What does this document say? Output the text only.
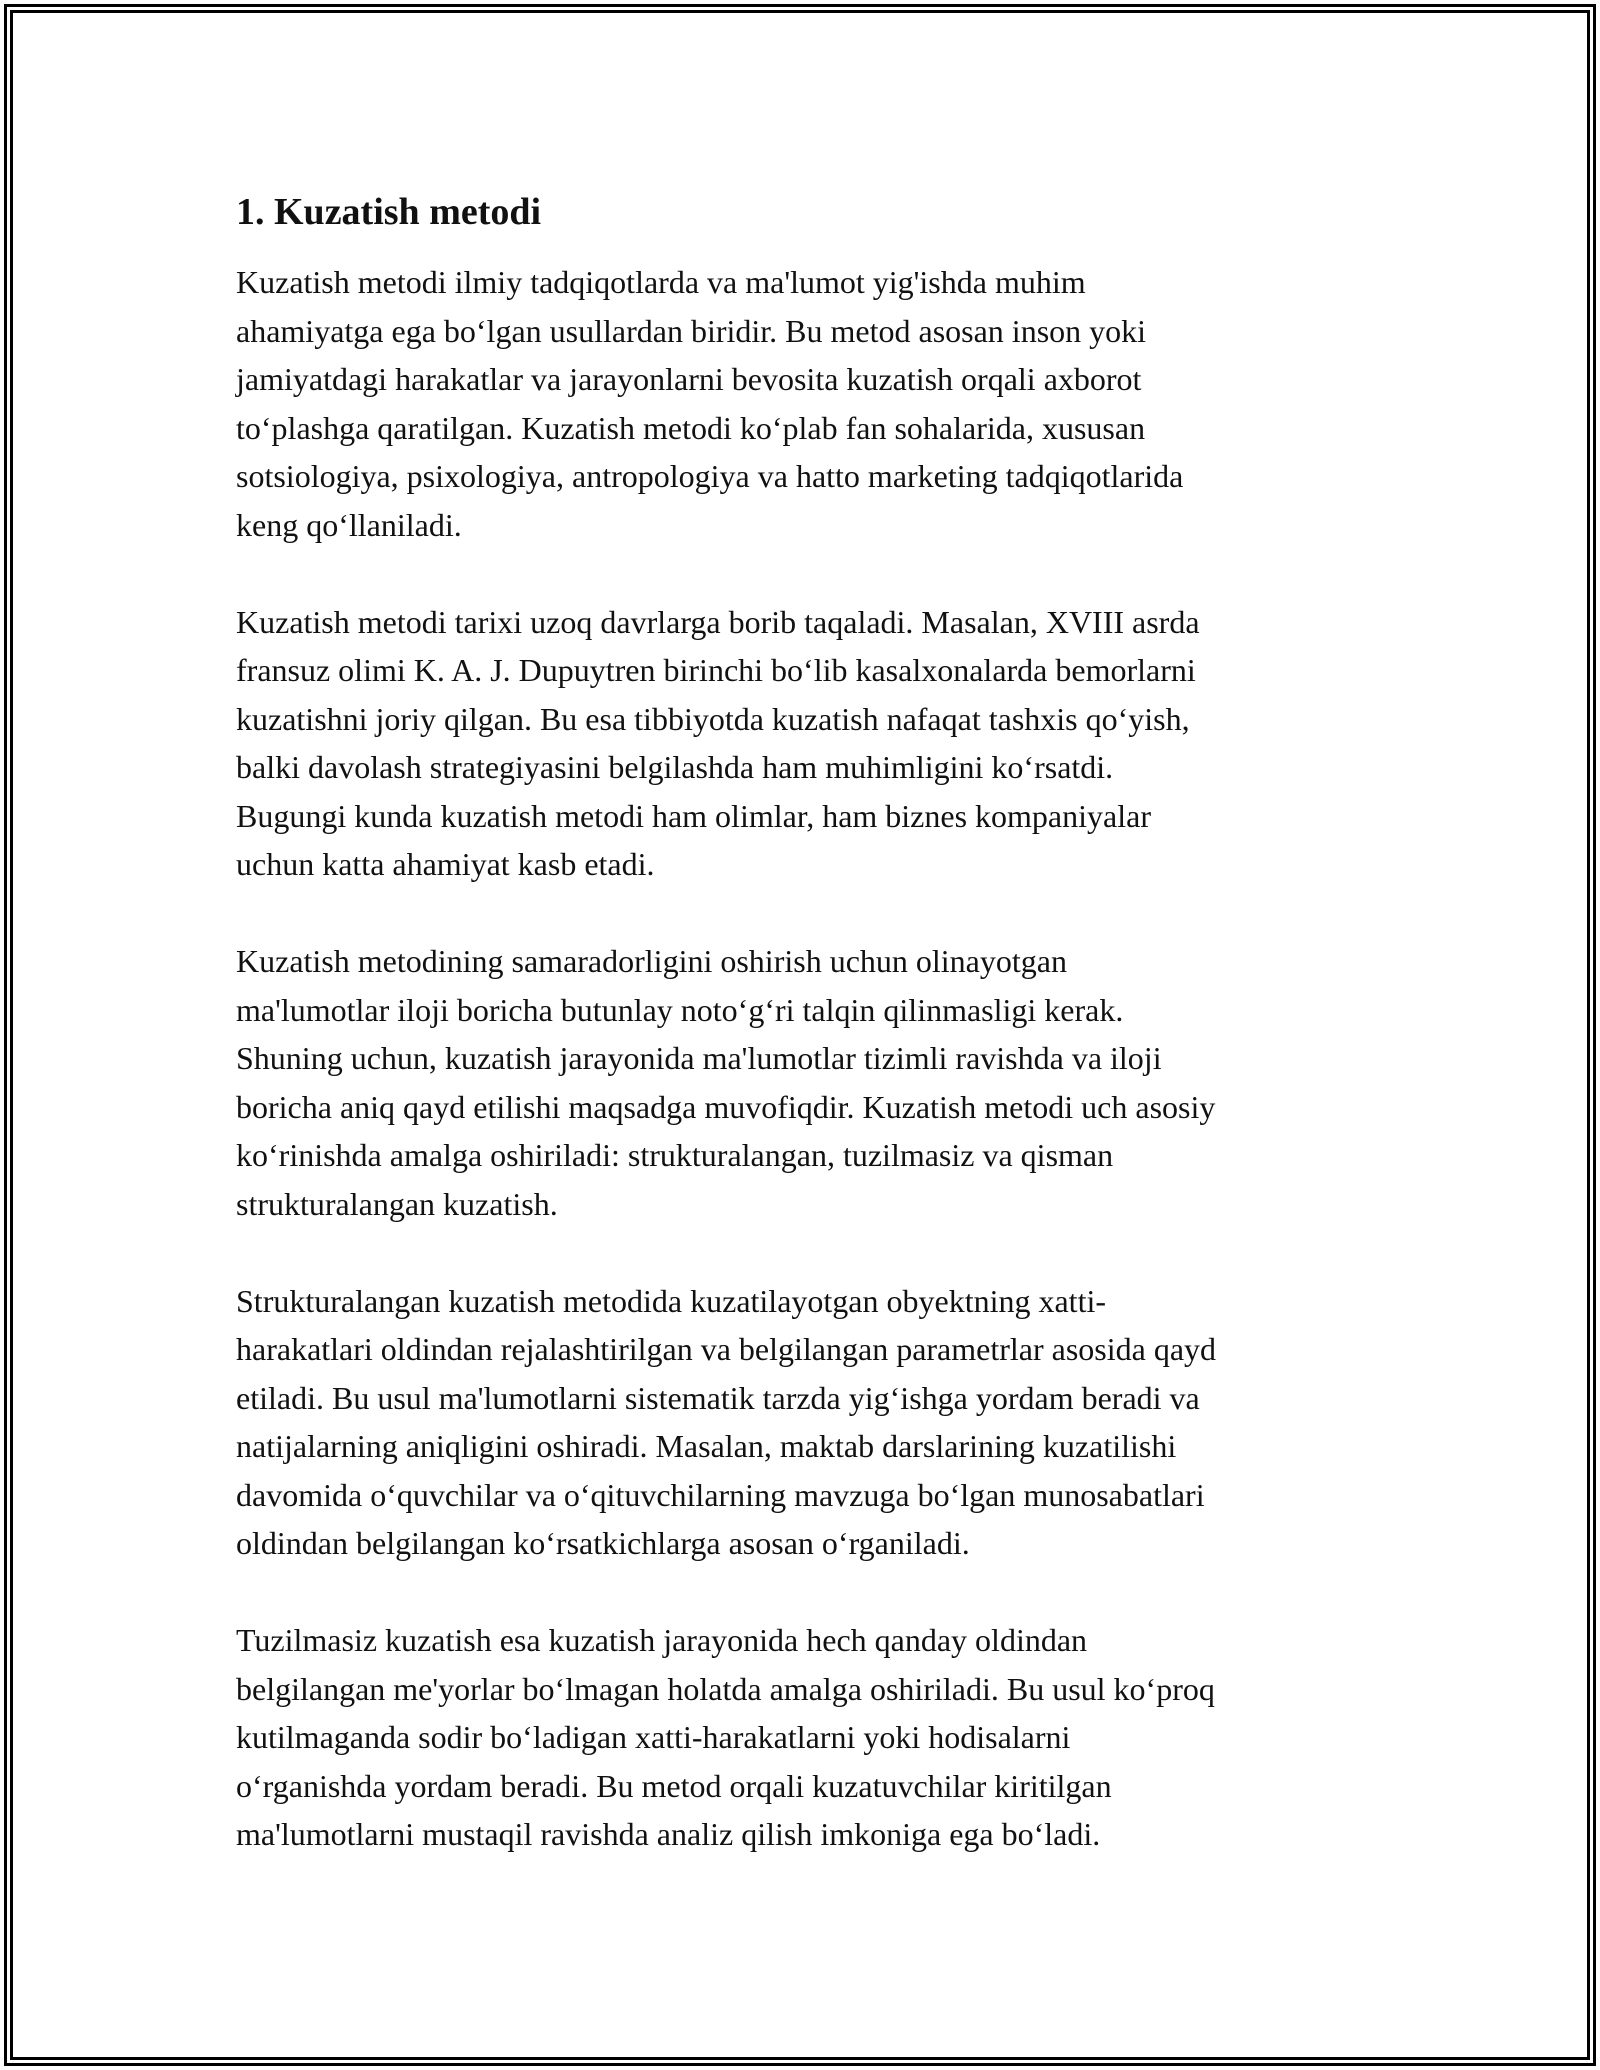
1. Kuzatish metodi

Kuzatish metodi ilmiy tadqiqotlarda va ma'lumot yig'ishda muhim
ahamiyatga ega bo‘lgan usullardan biridir. Bu metod asosan inson yoki
jamiyatdagi harakatlar va jarayonlarni bevosita kuzatish orqali axborot
to‘plashga qaratilgan. Kuzatish metodi ko‘plab fan sohalarida, xususan
sotsiologiya, psixologiya, antropologiya va hatto marketing tadqiqotlarida
keng qo‘llaniladi.

Kuzatish metodi tarixi uzoq davrlarga borib taqaladi. Masalan, XVIII asrda
fransuz olimi K. A. J. Dupuytren birinchi bo‘lib kasalxonalarda bemorlarni
kuzatishni joriy qilgan. Bu esa tibbiyotda kuzatish nafaqat tashxis qo‘yish,
balki davolash strategiyasini belgilashda ham muhimligini ko‘rsatdi.
Bugungi kunda kuzatish metodi ham olimlar, ham biznes kompaniyalar
uchun katta ahamiyat kasb etadi.

Kuzatish metodining samaradorligini oshirish uchun olinayotgan
ma'lumotlar iloji boricha butunlay noto‘g‘ri talqin qilinmasligi kerak.
Shuning uchun, kuzatish jarayonida ma'lumotlar tizimli ravishda va iloji
boricha aniq qayd etilishi maqsadga muvofiqdir. Kuzatish metodi uch asosiy
ko‘rinishda amalga oshiriladi: strukturalangan, tuzilmasiz va qisman
strukturalangan kuzatish.

Strukturalangan kuzatish metodida kuzatilayotgan obyektning xatti-
harakatlari oldindan rejalashtirilgan va belgilangan parametrlar asosida qayd
etiladi. Bu usul ma'lumotlarni sistematik tarzda yig‘ishga yordam beradi va
natijalarning aniqligini oshiradi. Masalan, maktab darslarining kuzatilishi
davomida o‘quvchilar va o‘qituvchilarning mavzuga bo‘lgan munosabatlari
oldindan belgilangan ko‘rsatkichlarga asosan o‘rganiladi.

Tuzilmasiz kuzatish esa kuzatish jarayonida hech qanday oldindan
belgilangan me'yorlar bo‘lmagan holatda amalga oshiriladi. Bu usul ko‘proq
kutilmaganda sodir bo‘ladigan xatti-harakatlarni yoki hodisalarni
o‘rganishda yordam beradi. Bu metod orqali kuzatuvchilar kiritilgan
ma'lumotlarni mustaqil ravishda analiz qilish imkoniga ega bo‘ladi.
